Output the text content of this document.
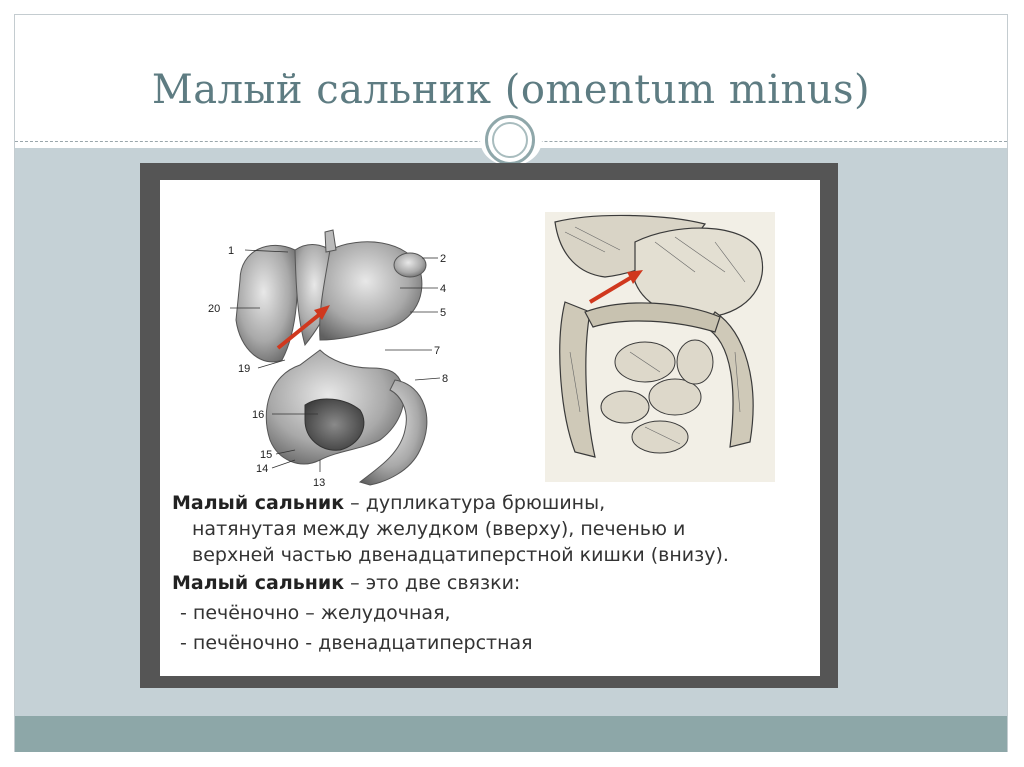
Малый сальник (omentum minus)
1
2
4
5
7
8
13
14
15
16
19
20
Малый сальник – дупликатура брюшины,
натянутая между желудком (вверху), печенью и
верхней частью двенадцатиперстной кишки (внизу).
Малый сальник – это две связки:
- печёночно – желудочная,
- печёночно - двенадцатиперстная
